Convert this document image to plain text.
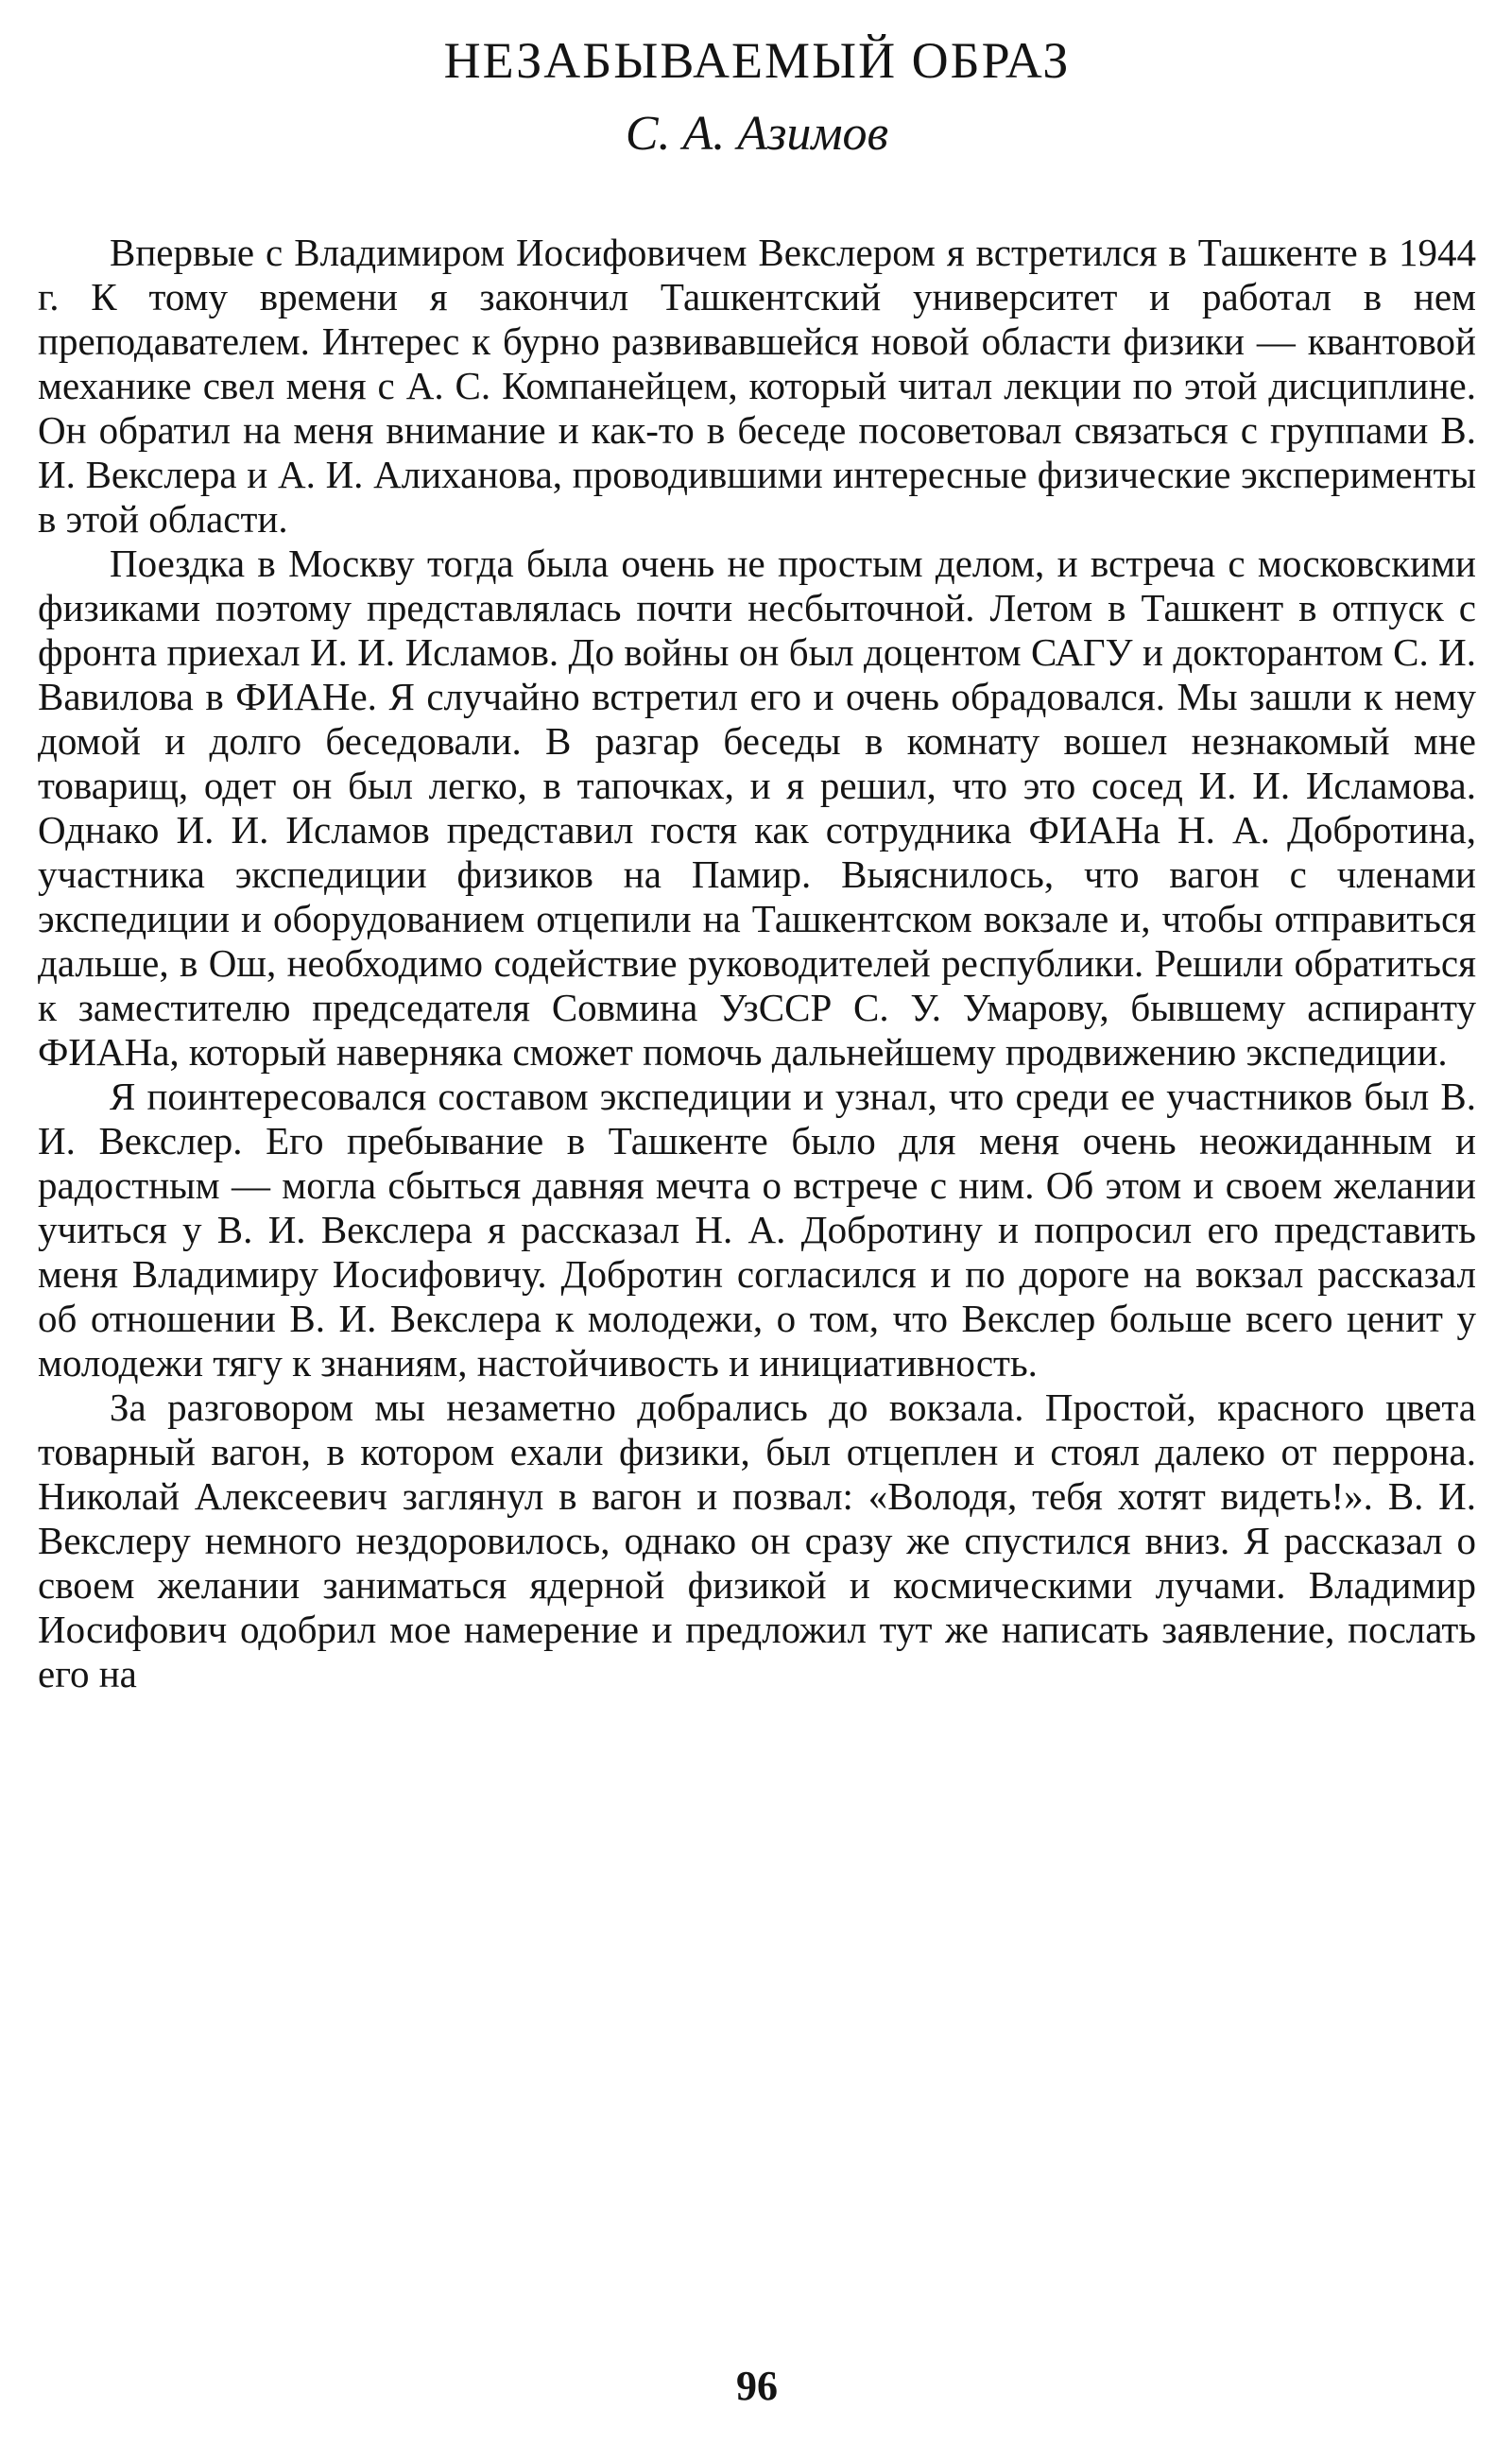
НЕЗАБЫВАЕМЫЙ ОБРАЗ
С. А. Азимов

Впервые с Владимиром Иосифовичем Векслером я встретился в Ташкенте в 1944 г. К тому времени я закончил Ташкентский университет и работал в нем преподавателем. Интерес к бурно развивавшейся новой области физики — квантовой механике свел меня с А. С. Компанейцем, который читал лекции по этой дисциплине. Он обратил на меня внимание и как-то в беседе посоветовал связаться с группами В. И. Векслера и А. И. Алиханова, проводившими интересные физические эксперименты в этой области.

Поездка в Москву тогда была очень не простым делом, и встреча с московскими физиками поэтому представлялась почти несбыточной. Летом в Ташкент в отпуск с фронта приехал И. И. Исламов. До войны он был доцентом САГУ и докторантом С. И. Вавилова в ФИАНе. Я случайно встретил его и очень обрадовался. Мы зашли к нему домой и долго беседовали. В разгар беседы в комнату вошел незнакомый мне товарищ, одет он был легко, в тапочках, и я решил, что это сосед И. И. Исламова. Однако И. И. Исламов представил гостя как сотрудника ФИАНа Н. А. Добротина, участника экспедиции физиков на Памир. Выяснилось, что вагон с членами экспедиции и оборудованием отцепили на Ташкентском вокзале и, чтобы отправиться дальше, в Ош, необходимо содействие руководителей республики. Решили обратиться к заместителю председателя Совмина УзССР С. У. Умарову, бывшему аспиранту ФИАНа, который наверняка сможет помочь дальнейшему продвижению экспедиции.

Я поинтересовался составом экспедиции и узнал, что среди ее участников был В. И. Векслер. Его пребывание в Ташкенте было для меня очень неожиданным и радостным — могла сбыться давняя мечта о встрече с ним. Об этом и своем желании учиться у В. И. Векслера я рассказал Н. А. Добротину и попросил его представить меня Владимиру Иосифовичу. Добротин согласился и по дороге на вокзал рассказал об отношении В. И. Векслера к молодежи, о том, что Векслер больше всего ценит у молодежи тягу к знаниям, настойчивость и инициативность.

За разговором мы незаметно добрались до вокзала. Простой, красного цвета товарный вагон, в котором ехали физики, был отцеплен и стоял далеко от перрона. Николай Алексеевич заглянул в вагон и позвал: «Володя, тебя хотят видеть!». В. И. Векслеру немного нездоровилось, однако он сразу же спустился вниз. Я рассказал о своем желании заниматься ядерной физикой и космическими лучами. Владимир Иосифович одобрил мое намерение и предложил тут же написать заявление, послать его на

96
